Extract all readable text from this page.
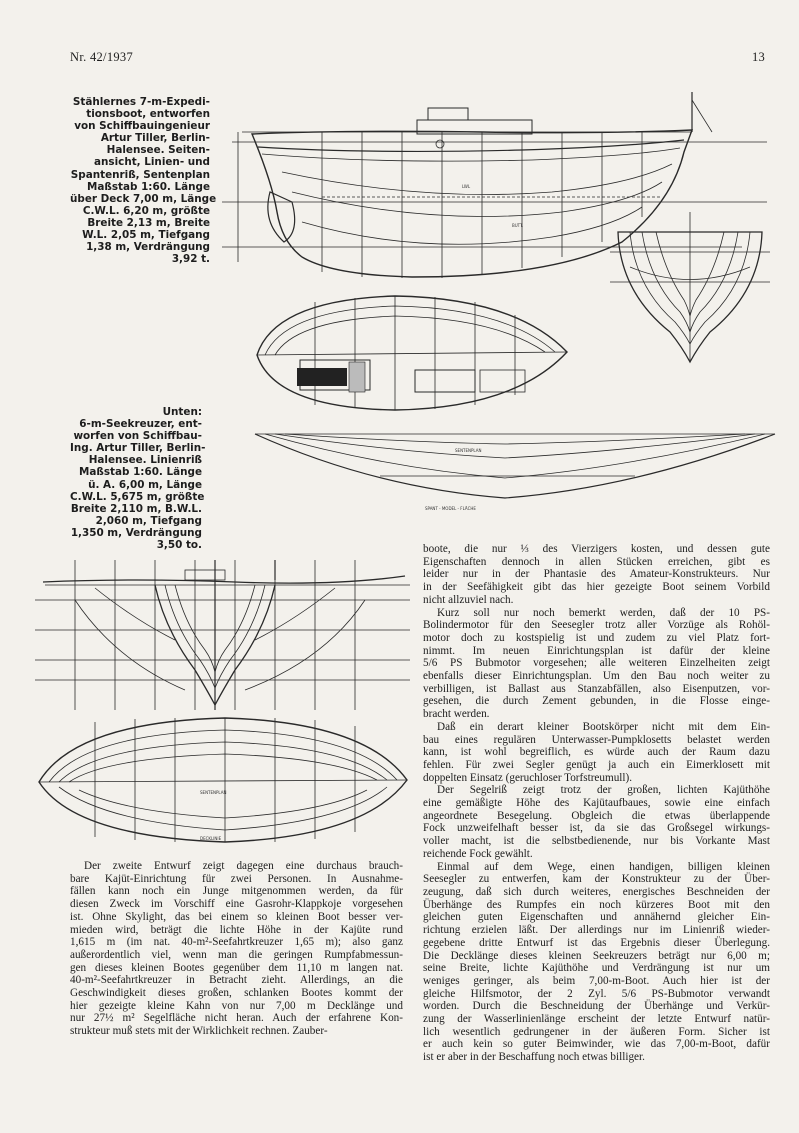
Nr. 42/1937	13
Stählernes 7-m-Expedi-
tionsboot, entworfen
von Schiffbauingenieur
Artur Tiller, Berlin-
Halensee. Seiten-
ansicht, Linien- und
Spantenriß, Sentenplan
Maßstab 1:60. Länge
über Deck 7,00 m, Länge
C.W.L. 6,20 m, größte
Breite 2,13 m, Breite
W.L. 2,05 m, Tiefgang
1,38 m, Verdrängung
3,92 t.
Unten:
6-m-Seekreuzer, ent-
worfen von Schiffbau-
Ing. Artur Tiller, Berlin-
Halensee. Linienriß
Maßstab 1:60. Länge
ü. A. 6,00 m, Länge
C.W.L. 5,675 m, größte
Breite 2,110 m, B.W.L.
2,060 m, Tiefgang
1,350 m, Verdrängung
3,50 to.
LWL
BUTT.
SENTENPLAN
SPANT - MODEL - FLÄCHE
SENTENPLAN
DECKLINIE

Der zweite Entwurf zeigt dagegen eine durchaus brauch-

bare Kajüt-Einrichtung für zwei Personen. In Ausnahme-

fällen kann noch ein Junge mitgenommen werden, da für

diesen Zweck im Vorschiff eine Gasrohr-Klappkoje vorgesehen

ist. Ohne Skylight, das bei einem so kleinen Boot besser ver-

mieden wird, beträgt die lichte Höhe in der Kajüte rund

1,615 m (im nat. 40-m²-Seefahrtkreuzer 1,65 m); also ganz

außerordentlich viel, wenn man die geringen Rumpfabmessun-

gen dieses kleinen Bootes gegenüber dem 11,10 m langen nat.

40-m²-Seefahrtkreuzer in Betracht zieht. Allerdings, an die

Geschwindigkeit dieses großen, schlanken Bootes kommt der

hier gezeigte kleine Kahn von nur 7,00 m Decklänge und

nur 27½ m² Segelfläche nicht heran. Auch der erfahrene Kon-

strukteur muß stets mit der Wirklichkeit rechnen. Zauber-

boote, die nur ⅓ des Vierzigers kosten, und dessen gute

Eigenschaften dennoch in allen Stücken erreichen, gibt es

leider nur in der Phantasie des Amateur-Konstrukteurs. Nur

in der Seefähigkeit gibt das hier gezeigte Boot seinem Vorbild

nicht allzuviel nach.

Kurz soll nur noch bemerkt werden, daß der 10 PS-

Bolindermotor für den Seesegler trotz aller Vorzüge als Rohöl-

motor doch zu kostspielig ist und zudem zu viel Platz fort-

nimmt. Im neuen Einrichtungsplan ist dafür der kleine

5/6 PS Bubmotor vorgesehen; alle weiteren Einzelheiten zeigt

ebenfalls dieser Einrichtungsplan. Um den Bau noch weiter zu

verbilligen, ist Ballast aus Stanzabfällen, also Eisenputzen, vor-

gesehen, die durch Zement gebunden, in die Flosse einge-

bracht werden.

Daß ein derart kleiner Bootskörper nicht mit dem Ein-

bau eines regulären Unterwasser-Pumpklosetts belastet werden

kann, ist wohl begreiflich, es würde auch der Raum dazu

fehlen. Für zwei Segler genügt ja auch ein Eimerklosett mit

doppelten Einsatz (geruchloser Torfstreumull).

Der Segelriß zeigt trotz der großen, lichten Kajüthöhe

eine gemäßigte Höhe des Kajütaufbaues, sowie eine einfach

angeordnete Besegelung. Obgleich die etwas überlappende

Fock unzweifelhaft besser ist, da sie das Großsegel wirkungs-

voller macht, ist die selbstbedienende, nur bis Vorkante Mast

reichende Fock gewählt.

Einmal auf dem Wege, einen handigen, billigen kleinen

Seesegler zu entwerfen, kam der Konstrukteur zu der Über-

zeugung, daß sich durch weiteres, energisches Beschneiden der

Überhänge des Rumpfes ein noch kürzeres Boot mit den

gleichen guten Eigenschaften und annähernd gleicher Ein-

richtung erzielen läßt. Der allerdings nur im Linienriß wieder-

gegebene dritte Entwurf ist das Ergebnis dieser Überlegung.

Die Decklänge dieses kleinen Seekreuzers beträgt nur 6,00 m;

seine Breite, lichte Kajüthöhe und Verdrängung ist nur um

weniges geringer, als beim 7,00-m-Boot. Auch hier ist der

gleiche Hilfsmotor, der 2 Zyl. 5/6 PS-Bubmotor verwandt

worden. Durch die Beschneidung der Überhänge und Verkür-

zung der Wasserlinienlänge erscheint der letzte Entwurf natür-

lich wesentlich gedrungener in der äußeren Form. Sicher ist

er auch kein so guter Beimwinder, wie das 7,00-m-Boot, dafür

ist er aber in der Beschaffung noch etwas billiger.
